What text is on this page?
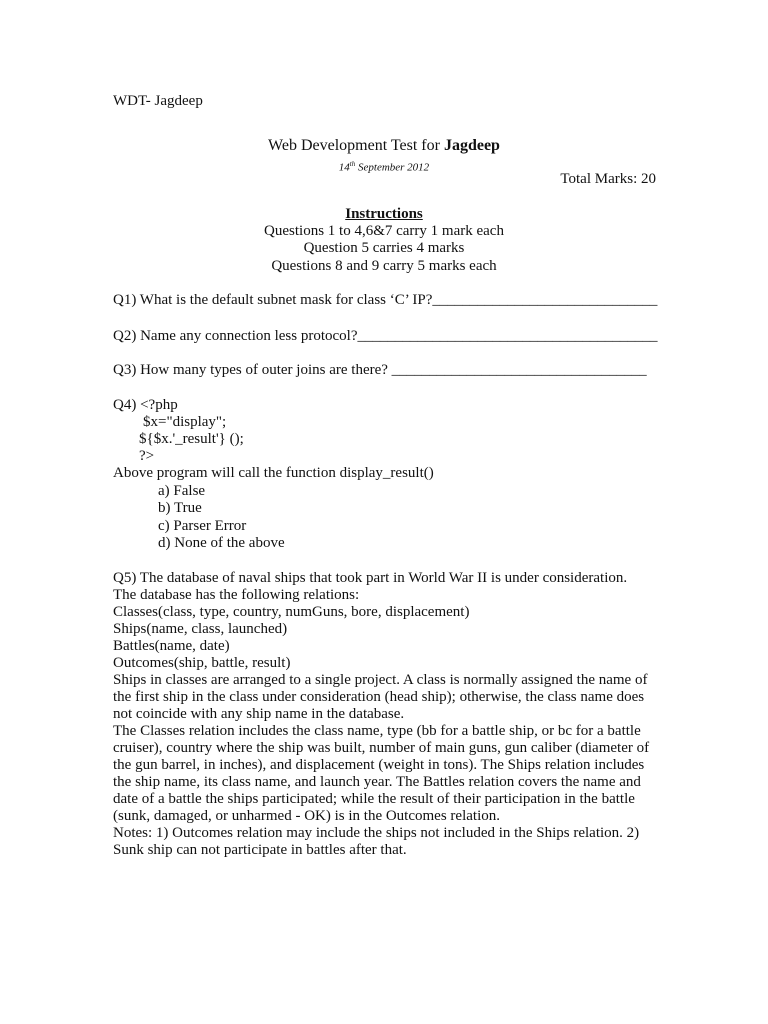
WDT- Jagdeep
Web Development Test for Jagdeep
14th September 2012
Total Marks: 20
Instructions
Questions 1 to 4,6&7 carry 1 mark each
Question 5 carries 4 marks
Questions 8 and 9 carry 5 marks each
Q1) What is the default subnet mask for class ‘C’ IP?______________________________
Q2) Name any connection less protocol?________________________________________
Q3) How many types of outer joins are there? __________________________________
Q4) <?php
$x="display";
${$x.'_result'} ();
?>
Above program will call the function display_result()
a) False
b) True
c) Parser Error
d) None of the above
Q5) The database of naval ships that took part in World War II is under consideration.
The database has the following relations:
Classes(class, type, country, numGuns, bore, displacement)
Ships(name, class, launched)
Battles(name, date)
Outcomes(ship, battle, result)

Ships in classes are arranged to a single project. A class is normally assigned the name of the first ship in the class under consideration (head ship); otherwise, the class name does not coincide with any ship name in the database.

The Classes relation includes the class name, type (bb for a battle ship, or bc for a battle cruiser), country where the ship was built, number of main guns, gun caliber (diameter of the gun barrel, in inches), and displacement (weight in tons). The Ships relation includes the ship name, its class name, and launch year. The Battles relation covers the name and date of a battle the ships participated; while the result of their participation in the battle (sunk, damaged, or unharmed - OK) is in the Outcomes relation.

Notes: 1) Outcomes relation may include the ships not included in the Ships relation. 2) Sunk ship can not participate in battles after that.
